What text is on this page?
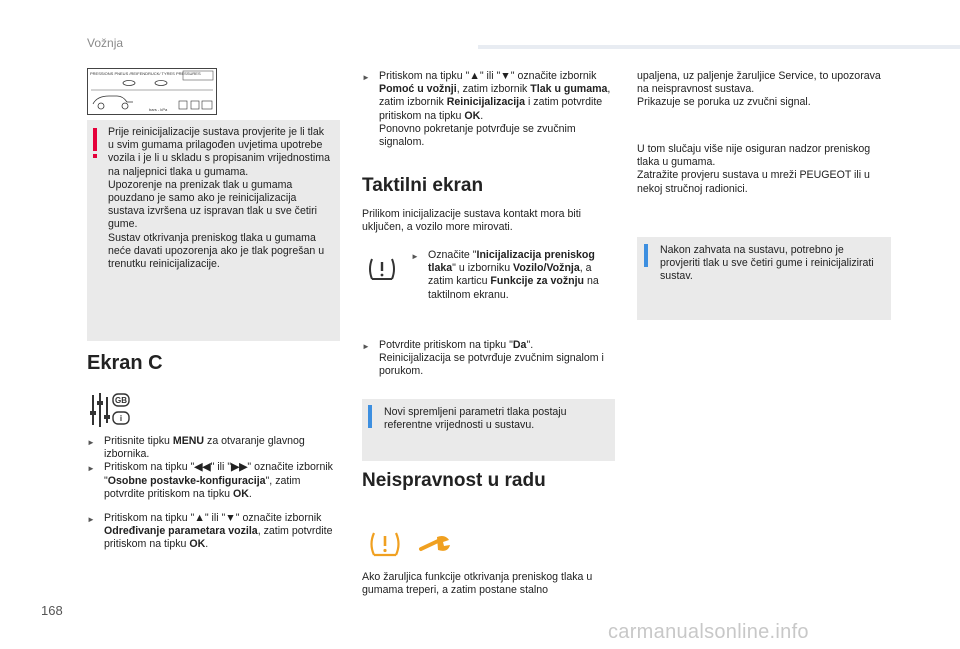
Vožnja
PRESSIONS PNEUS /REIFENDRUCK/ TYRES PRESSURES
bars - kPa
Prije reinicijalizacije sustava provjerite je li tlak u svim gumama prilagođen uvjetima upotrebe vozila i je li u skladu s propisanim vrijednostima na naljepnici tlaka u gumama.
Upozorenje na prenizak tlak u gumama pouzdano je samo ako je reinicijalizacija sustava izvršena uz ispravan tlak u sve četiri gume.
Sustav otkrivanja preniskog tlaka u gumama neće davati upozorenja ako je tlak pogrešan u trenutku reinicijalizacije.
Ekran C
GB
i
► Pritisnite tipku MENU za otvaranje glavnog izbornika.
► Pritiskom na tipku "◀◀" ili "▶▶" označite izbornik "Osobne postavke-konfiguracija", zatim potvrdite pritiskom na tipku OK.
► Pritiskom na tipku "▲" ili "▼" označite izbornik Određivanje parametara vozila, zatim potvrdite pritiskom na tipku OK.
► Pritiskom na tipku "▲" ili "▼" označite izbornik Pomoć u vožnji, zatim izbornik Tlak u gumama, zatim izbornik Reinicijalizacija i zatim potvrdite pritiskom na tipku OK.
Ponovno pokretanje potvrđuje se zvučnim signalom.
Taktilni ekran
Prilikom inicijalizacije sustava kontakt mora biti uključen, a vozilo more mirovati.
► Označite "Inicijalizacija preniskog tlaka" u izborniku Vozilo/Vožnja, a zatim karticu Funkcije za vožnju na taktilnom ekranu.
► Potvrdite pritiskom na tipku "Da".
Reinicijalizacija se potvrđuje zvučnim signalom i porukom.
Novi spremljeni parametri tlaka postaju referentne vrijednosti u sustavu.
Neispravnost u radu
Ako žaruljica funkcije otkrivanja preniskog tlaka u gumama treperi, a zatim postane stalno
upaljena, uz paljenje žaruljice Service, to upozorava na neispravnost sustava.
Prikazuje se poruka uz zvučni signal.
U tom slučaju više nije osiguran nadzor preniskog tlaka u gumama.
Zatražite provjeru sustava u mreži PEUGEOT ili u nekoj stručnoj radionici.
Nakon zahvata na sustavu, potrebno je provjeriti tlak u sve četiri gume i reinicijalizirati sustav.
168
carmanualsonline.info
